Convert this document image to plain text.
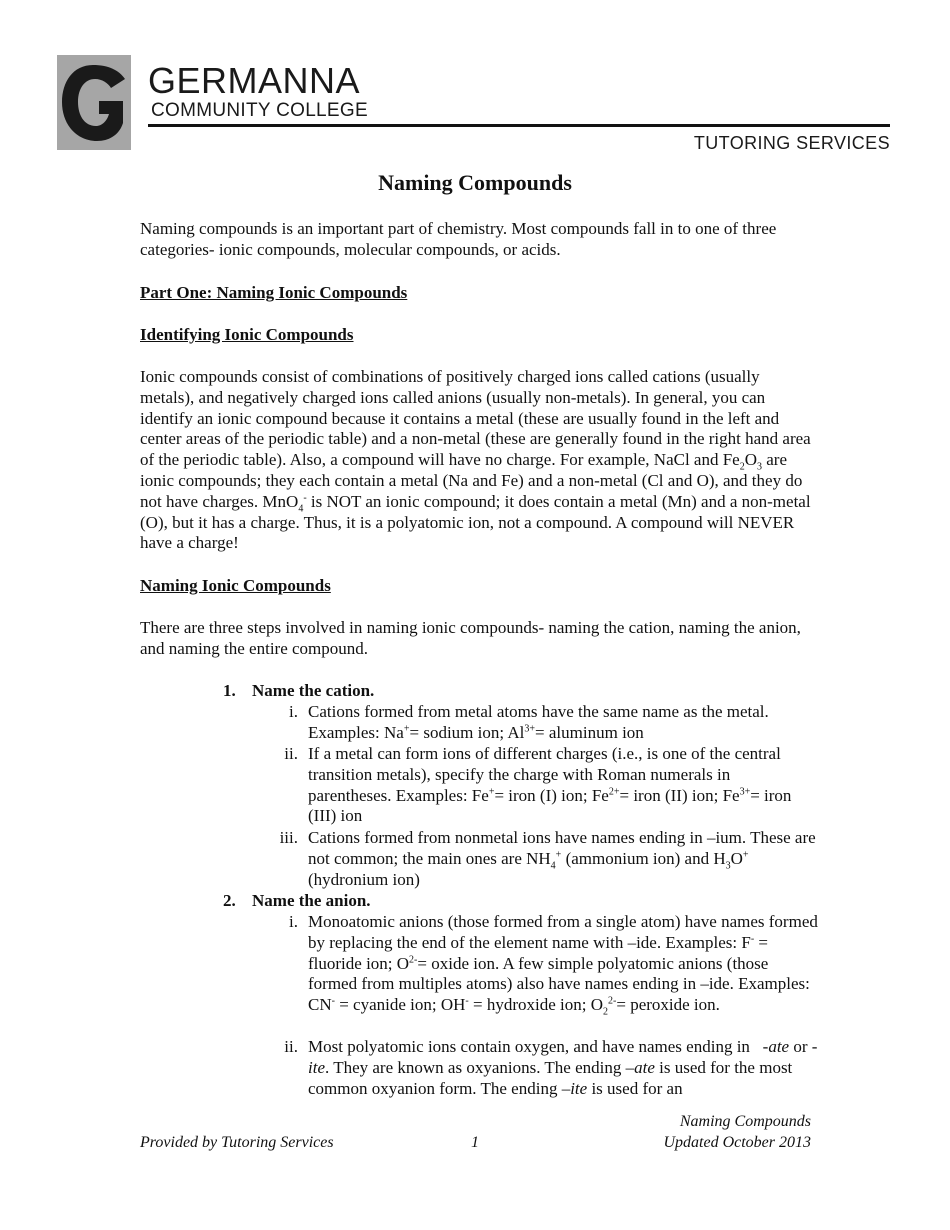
GERMANNA
COMMUNITY COLLEGE
TUTORING SERVICES
Naming Compounds

Naming compounds is an important part of chemistry. Most compounds fall in to one of three categories- ionic compounds, molecular compounds, or acids.

Part One: Naming Ionic Compounds
Identifying Ionic Compounds

Ionic compounds consist of combinations of positively charged ions called cations (usually metals), and negatively charged ions called anions (usually non-metals). In general, you can identify an ionic compound because it contains a metal (these are usually found in the left and center areas of the periodic table) and a non-metal (these are generally found in the right hand area of the periodic table). Also, a compound will have no charge. For example, NaCl and $Fe_2O_3$ are ionic compounds; they each contain a metal (Na and Fe) and a non-metal (Cl and O), and they do not have charges. MnO$_4$- is NOT an ionic compound; it does contain a metal (Mn) and a non-metal (O), but it has a charge. Thus, it is a polyatomic ion, not a compound. A compound will NEVER have a charge!

Naming Ionic Compounds

There are three steps involved in naming ionic compounds- naming the cation, naming the anion, and naming the entire compound.

1. Name the cation.
i. Cations formed from metal atoms have the same name as the metal. Examples: Na+= sodium ion; $Al^{3+}=$ aluminum ion

ii. If a metal can form ions of different charges (i.e., is one of the central transition metals), specify the charge with Roman numerals in parentheses. Examples: Fe+= iron (I) ion; $Fe^{2+}=$ iron (II) ion; $Fe^{3+}=$ iron (III) ion

iii. Cations formed from nonmetal ions have names ending in –ium. These are not common; the main ones are $NH_4^+$ (ammonium ion) and $H_3O^+$ (hydronium ion)

2. Name the anion.
i. Monoatomic anions (those formed from a single atom) have names formed by replacing the end of the element name with –ide. Examples: F- = fluoride ion; $O^{2-}=$ oxide ion. A few simple polyatomic anions (those formed from multiples atoms) also have names ending in –ide. Examples: CN- = cyanide ion; OH- = hydroxide ion; $O_2^{2-}=$ peroxide ion.

ii. Most polyatomic ions contain oxygen, and have names ending in   -ate or -ite. They are known as oxyanions. The ending –ate is used for the most common oxyanion form. The ending –ite is used for an

Provided by Tutoring Services	1
Naming Compounds
Updated October 2013
